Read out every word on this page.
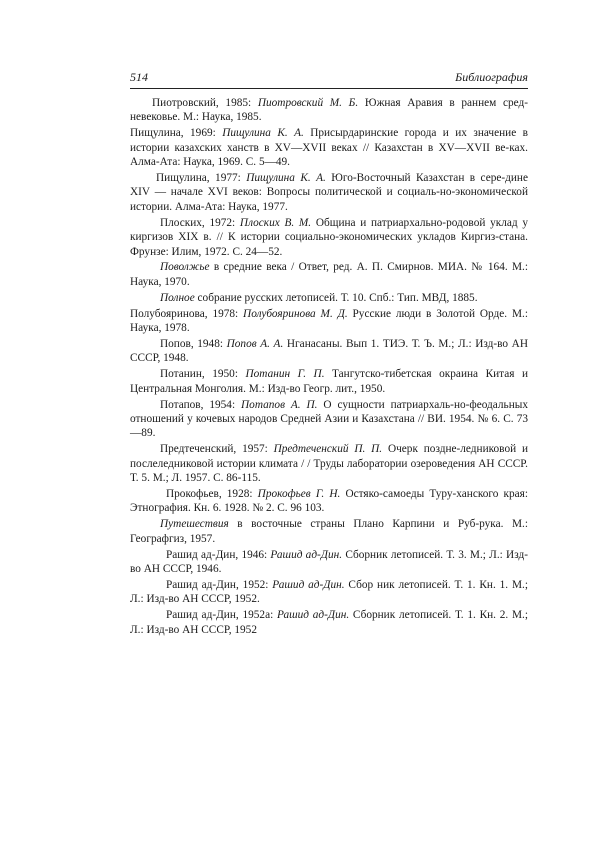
514	Библиография

Пиотровский, 1985: Пиотровский М. Б. Южная Аравия в раннем сред-невековье. М.: Наука, 1985.

Пищулина, 1969: Пищулина К. А. Присырдаринские города и их значение в истории казахских ханств в XV—XVII веках // Казахстан в XV—XVII ве-ках. Алма-Ата: Наука, 1969. С. 5—49.

Пищулина, 1977: Пищулина К. А. Юго-Восточный Казахстан в сере-дине XIV — начале XVI веков: Вопросы политической и социаль-но-экономической истории. Алма-Ата: Наука, 1977.

Плоских, 1972: Плоских В. М. Община и патриархально-родовой уклад у киргизов XIX в. // К истории социально-экономических укладов Киргиз-стана. Фрунзе: Илим, 1972. С. 24—52.

Поволжье в средние века / Ответ, ред. А. П. Смирнов. МИА. № 164. М.: Наука, 1970.

Полное собрание русских летописей. Т. 10. Спб.: Тип. МВД, 1885.

Полубояринова, 1978: Полубояринова М. Д. Русские люди в Золотой Орде. М.: Наука, 1978.

Попов, 1948: Попов А. А. Нганасаны. Вып 1. ТИЭ. Т. Ъ. М.; Л.: Изд-во АН СССР, 1948.

Потанин, 1950: Потанин Г. П. Тангутско-тибетская окраина Китая и Центральная Монголия. М.: Изд-во Геогр. лит., 1950.

Потапов, 1954: Потапов А. П. О сущности патриархаль-но-феодальных отношений у кочевых народов Средней Азии и Казахстана // ВИ. 1954. № 6. С. 73—89.

Предтеченский, 1957: Предтеченский П. П. Очерк поздне-ледниковой и послеледниковой истории климата / / Труды лаборатории озероведения АН СССР. Т. 5. М.; Л. 1957. С. 86-115.

Прокофьев, 1928: Прокофьев Г. Н. Остяко-самоеды Туру-ханского края: Этнография. Кн. 6. 1928. № 2. С. 96 103.

Путешествия в восточные страны Плано Карпини и Руб-рука. М.: Географгиз, 1957.

Рашид ад-Дин, 1946: Рашид ад-Дин. Сборник летописей. Т. 3. М.; Л.: Изд-во АН СССР, 1946.

Рашид ад-Дин, 1952: Рашид ад-Дин. Сбор ник летописей. Т. 1. Кн. 1. М.; Л.: Изд-во АН СССР, 1952.

Рашид ад-Дин, 1952а: Рашид ад-Дин. Сборник летописей. Т. 1. Кн. 2. М.; Л.: Изд-во АН СССР, 1952
